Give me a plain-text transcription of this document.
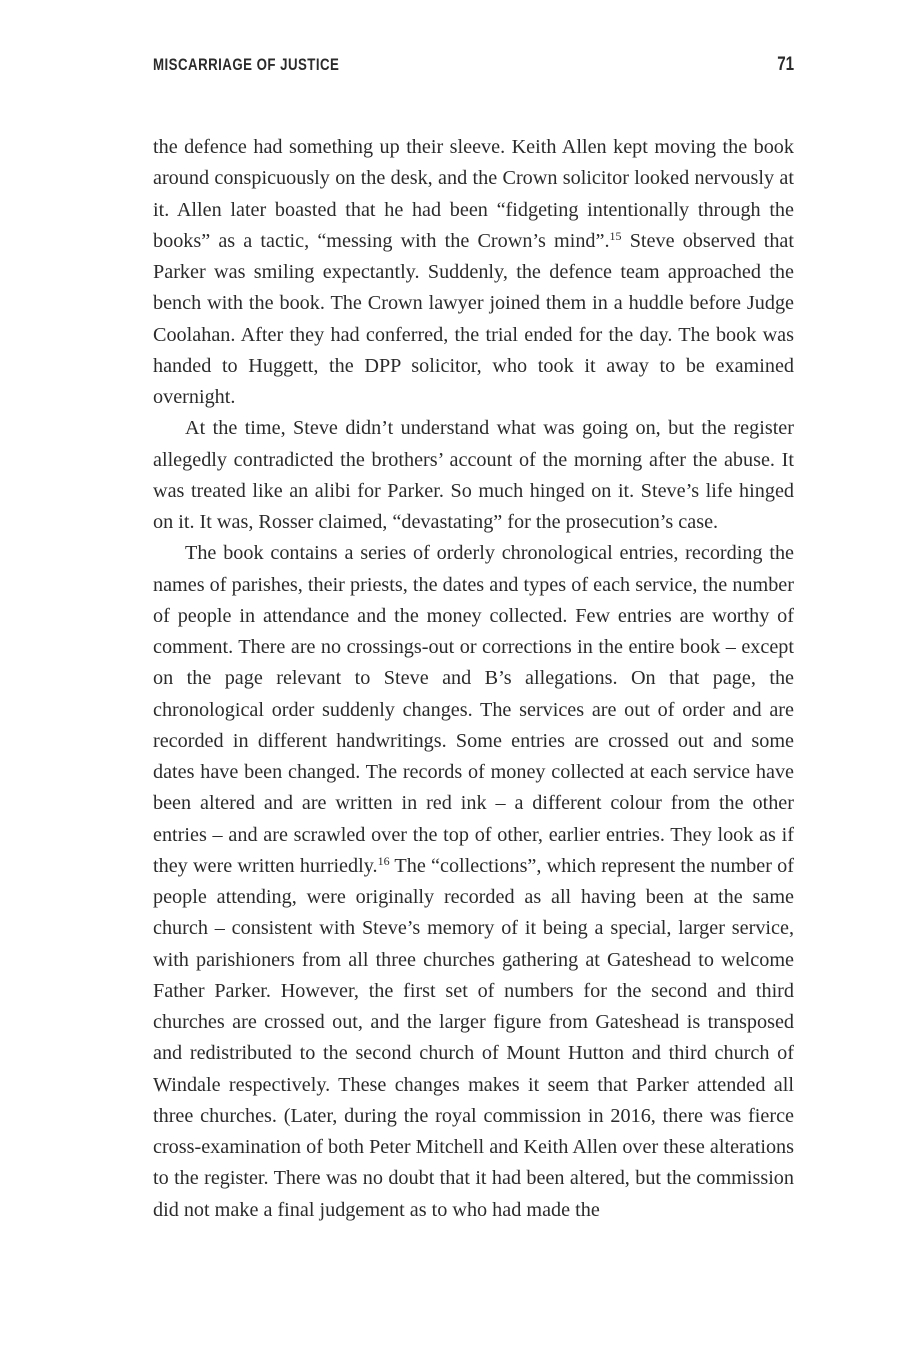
MISCARRIAGE OF JUSTICE	71

the defence had something up their sleeve. Keith Allen kept moving the book around conspicuously on the desk, and the Crown solicitor looked nervously at it. Allen later boasted that he had been “fidgeting intentionally through the books” as a tactic, “messing with the Crown’s mind”.$^{15}$ Steve observed that Parker was smiling expectantly. Suddenly, the defence team approached the bench with the book. The Crown lawyer joined them in a huddle before Judge Coolahan. After they had conferred, the trial ended for the day. The book was handed to Huggett, the DPP solicitor, who took it away to be examined overnight.

At the time, Steve didn’t understand what was going on, but the register allegedly contradicted the brothers’ account of the morning after the abuse. It was treated like an alibi for Parker. So much hinged on it. Steve’s life hinged on it. It was, Rosser claimed, “devastating” for the prosecution’s case.

The book contains a series of orderly chronological entries, recording the names of parishes, their priests, the dates and types of each service, the number of people in attendance and the money collected. Few entries are worthy of comment. There are no crossings-out or corrections in the entire book – except on the page relevant to Steve and B’s allegations. On that page, the chronological order suddenly changes. The services are out of order and are recorded in different handwritings. Some entries are crossed out and some dates have been changed. The records of money collected at each service have been altered and are written in red ink – a different colour from the other entries – and are scrawled over the top of other, earlier entries. They look as if they were written hurriedly.$^{16}$ The “collections”, which represent the number of people attending, were originally recorded as all having been at the same church – consistent with Steve’s memory of it being a special, larger service, with parishioners from all three churches gathering at Gateshead to welcome Father Parker. However, the first set of numbers for the second and third churches are crossed out, and the larger figure from Gateshead is transposed and redistributed to the second church of Mount Hutton and third church of Windale respectively. These changes makes it seem that Parker attended all three churches. (Later, during the royal commission in 2016, there was fierce cross-examination of both Peter Mitchell and Keith Allen over these alterations to the register. There was no doubt that it had been altered, but the commission did not make a final judgement as to who had made the
